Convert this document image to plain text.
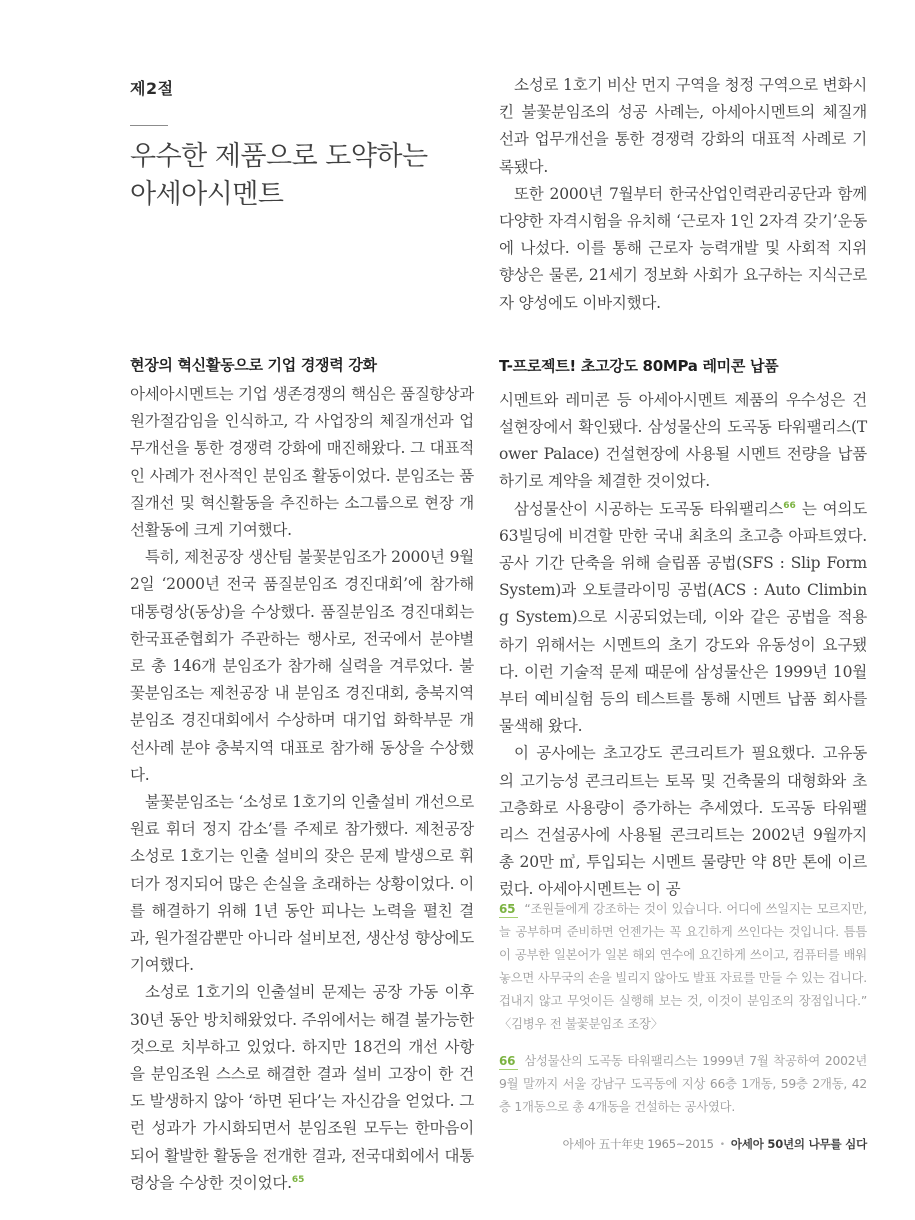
제2절
우수한 제품으로 도약하는
아세아시멘트
현장의 혁신활동으로 기업 경쟁력 강화

아세아시멘트는 기업 생존경쟁의 핵심은 품질향상과 원가절감임을 인식하고, 각 사업장의 체질개선과 업무개선을 통한 경쟁력 강화에 매진해왔다. 그 대표적인 사례가 전사적인 분임조 활동이었다. 분임조는 품질개선 및 혁신활동을 추진하는 소그룹으로 현장 개선활동에 크게 기여했다.

특히, 제천공장 생산팀 불꽃분임조가 2000년 9월 2일 ‘2000년 전국 품질분임조 경진대회’에 참가해 대통령상(동상)을 수상했다. 품질분임조 경진대회는 한국표준협회가 주관하는 행사로, 전국에서 분야별로 총 146개 분임조가 참가해 실력을 겨루었다. 불꽃분임조는 제천공장 내 분임조 경진대회, 충북지역 분임조 경진대회에서 수상하며 대기업 화학부문 개선사례 분야 충북지역 대표로 참가해 동상을 수상했다.

불꽃분임조는 ‘소성로 1호기의 인출설비 개선으로 원료 휘더 정지 감소’를 주제로 참가했다. 제천공장 소성로 1호기는 인출 설비의 잦은 문제 발생으로 휘더가 정지되어 많은 손실을 초래하는 상황이었다. 이를 해결하기 위해 1년 동안 피나는 노력을 펼친 결과, 원가절감뿐만 아니라 설비보전, 생산성 향상에도 기여했다.

소성로 1호기의 인출설비 문제는 공장 가동 이후 30년 동안 방치해왔었다. 주위에서는 해결 불가능한 것으로 치부하고 있었다. 하지만 18건의 개선 사항을 분임조원 스스로 해결한 결과 설비 고장이 한 건도 발생하지 않아 ‘하면 된다’는 자신감을 얻었다. 그런 성과가 가시화되면서 분임조원 모두는 한마음이 되어 활발한 활동을 전개한 결과, 전국대회에서 대통령상을 수상한 것이었다.$^{65}$

소성로 1호기 비산 먼지 구역을 청정 구역으로 변화시킨 불꽃분임조의 성공 사례는, 아세아시멘트의 체질개선과 업무개선을 통한 경쟁력 강화의 대표적 사례로 기록됐다.

또한 2000년 7월부터 한국산업인력관리공단과 함께 다양한 자격시험을 유치해 ‘근로자 1인 2자격 갖기’운동에 나섰다. 이를 통해 근로자 능력개발 및 사회적 지위 향상은 물론, 21세기 정보화 사회가 요구하는 지식근로자 양성에도 이바지했다.

T-프로젝트! 초고강도 80MPa 레미콘 납품

시멘트와 레미콘 등 아세아시멘트 제품의 우수성은 건설현장에서 확인됐다. 삼성물산의 도곡동 타워팰리스(Tower Palace) 건설현장에 사용될 시멘트 전량을 납품하기로 계약을 체결한 것이었다.

삼성물산이 시공하는 도곡동 타워팰리스$^{66}$ 는 여의도 63빌딩에 비견할 만한 국내 최초의 초고층 아파트였다. 공사 기간 단축을 위해 슬립폼 공법(SFS : Slip Form System)과 오토클라이밍 공법(ACS : Auto Climbing System)으로 시공되었는데, 이와 같은 공법을 적용하기 위해서는 시멘트의 초기 강도와 유동성이 요구됐다. 이런 기술적 문제 때문에 삼성물산은 1999년 10월부터 예비실험 등의 테스트를 통해 시멘트 납품 회사를 물색해 왔다.

이 공사에는 초고강도 콘크리트가 필요했다. 고유동의 고기능성 콘크리트는 토목 및 건축물의 대형화와 초고층화로 사용량이 증가하는 추세였다. 도곡동 타워팰리스 건설공사에 사용될 콘크리트는 2002년 9월까지 총 20만 ㎥, 투입되는 시멘트 물량만 약 8만 톤에 이르렀다. 아세아시멘트는 이 공

65 “조원들에게 강조하는 것이 있습니다. 어디에 쓰일지는 모르지만, 늘 공부하며 준비하면 언젠가는 꼭 요긴하게 쓰인다는 것입니다. 틈틈이 공부한 일본어가 일본 해외 연수에 요긴하게 쓰이고, 컴퓨터를 배워 놓으면 사무국의 손을 빌리지 않아도 발표 자료를 만들 수 있는 겁니다. 겁내지 않고 무엇이든 실행해 보는 것, 이것이 분임조의 장점입니다.” 〈김병우 전 불꽃분임조 조장〉

66 삼성물산의 도곡동 타워팰리스는 1999년 7월 착공하여 2002년 9월 말까지 서울 강남구 도곡동에 지상 66층 1개동, 59층 2개동, 42층 1개동으로 총 4개동을 건설하는 공사였다.

아세아 五十年史 1965~2015 • 아세아 50년의 나무를 심다
